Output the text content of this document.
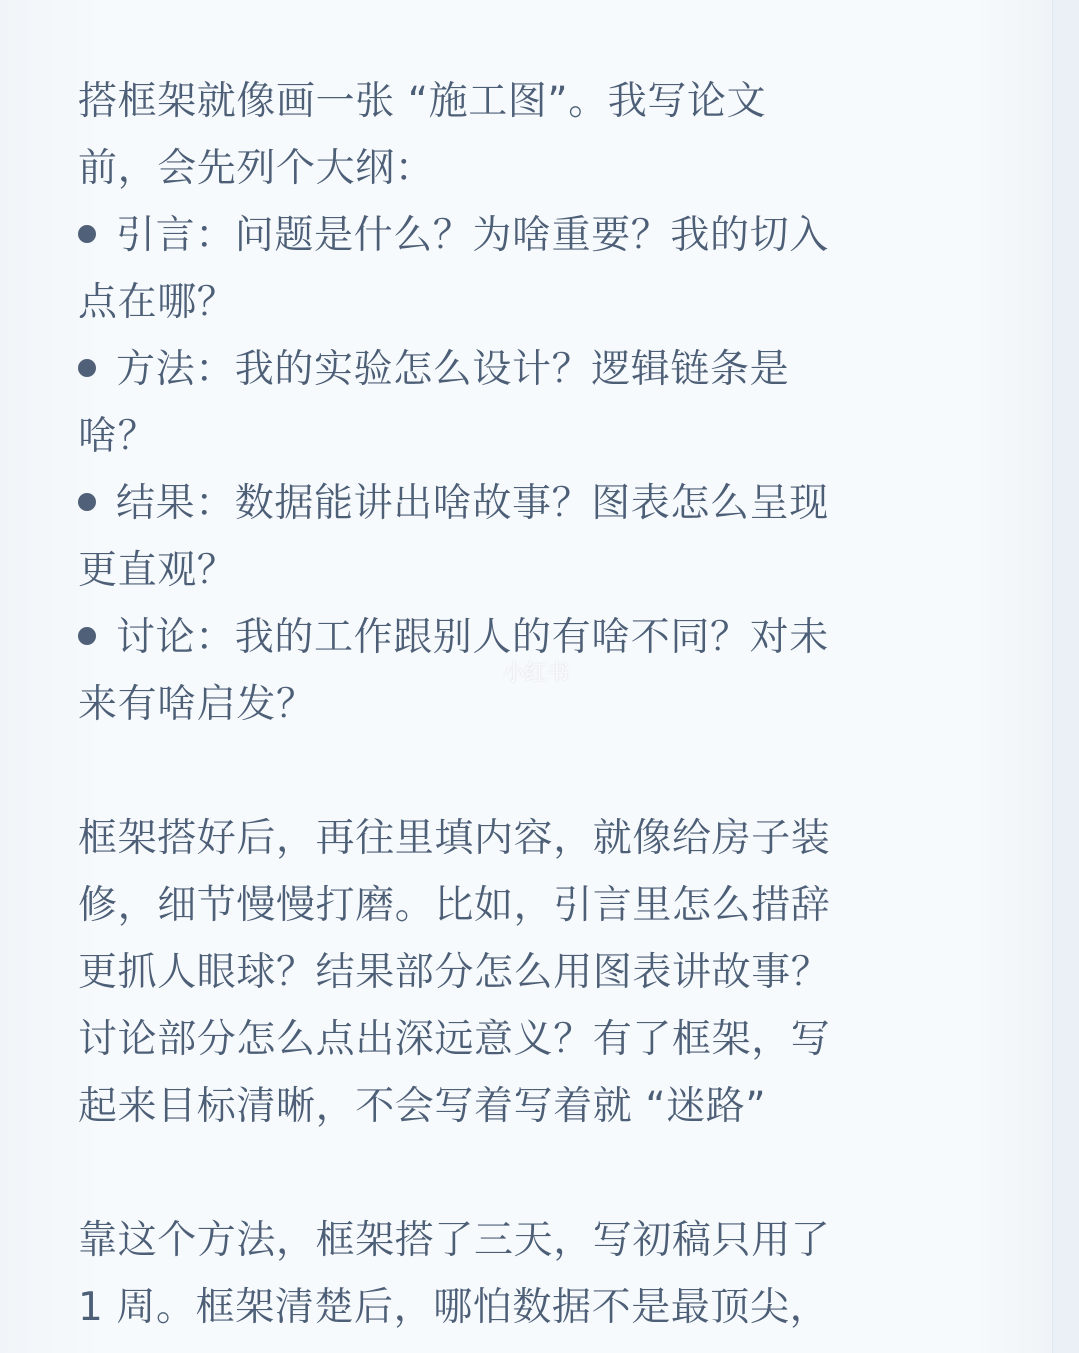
搭框架就像画一张 “施工图”。我写论文
前，会先列个大纲：
引言：问题是什么？为啥重要？我的切入
点在哪？
方法：我的实验怎么设计？逻辑链条是
啥？
结果：数据能讲出啥故事？图表怎么呈现
更直观？
讨论：我的工作跟别人的有啥不同？对未
来有啥启发？
框架搭好后，再往里填内容，就像给房子装
修，细节慢慢打磨。比如，引言里怎么措辞
更抓人眼球？结果部分怎么用图表讲故事？
讨论部分怎么点出深远意义？有了框架，写
起来目标清晰，不会写着写着就 “迷路”
靠这个方法，框架搭了三天，写初稿只用了
1 周。框架清楚后，哪怕数据不是最顶尖，
小红书
